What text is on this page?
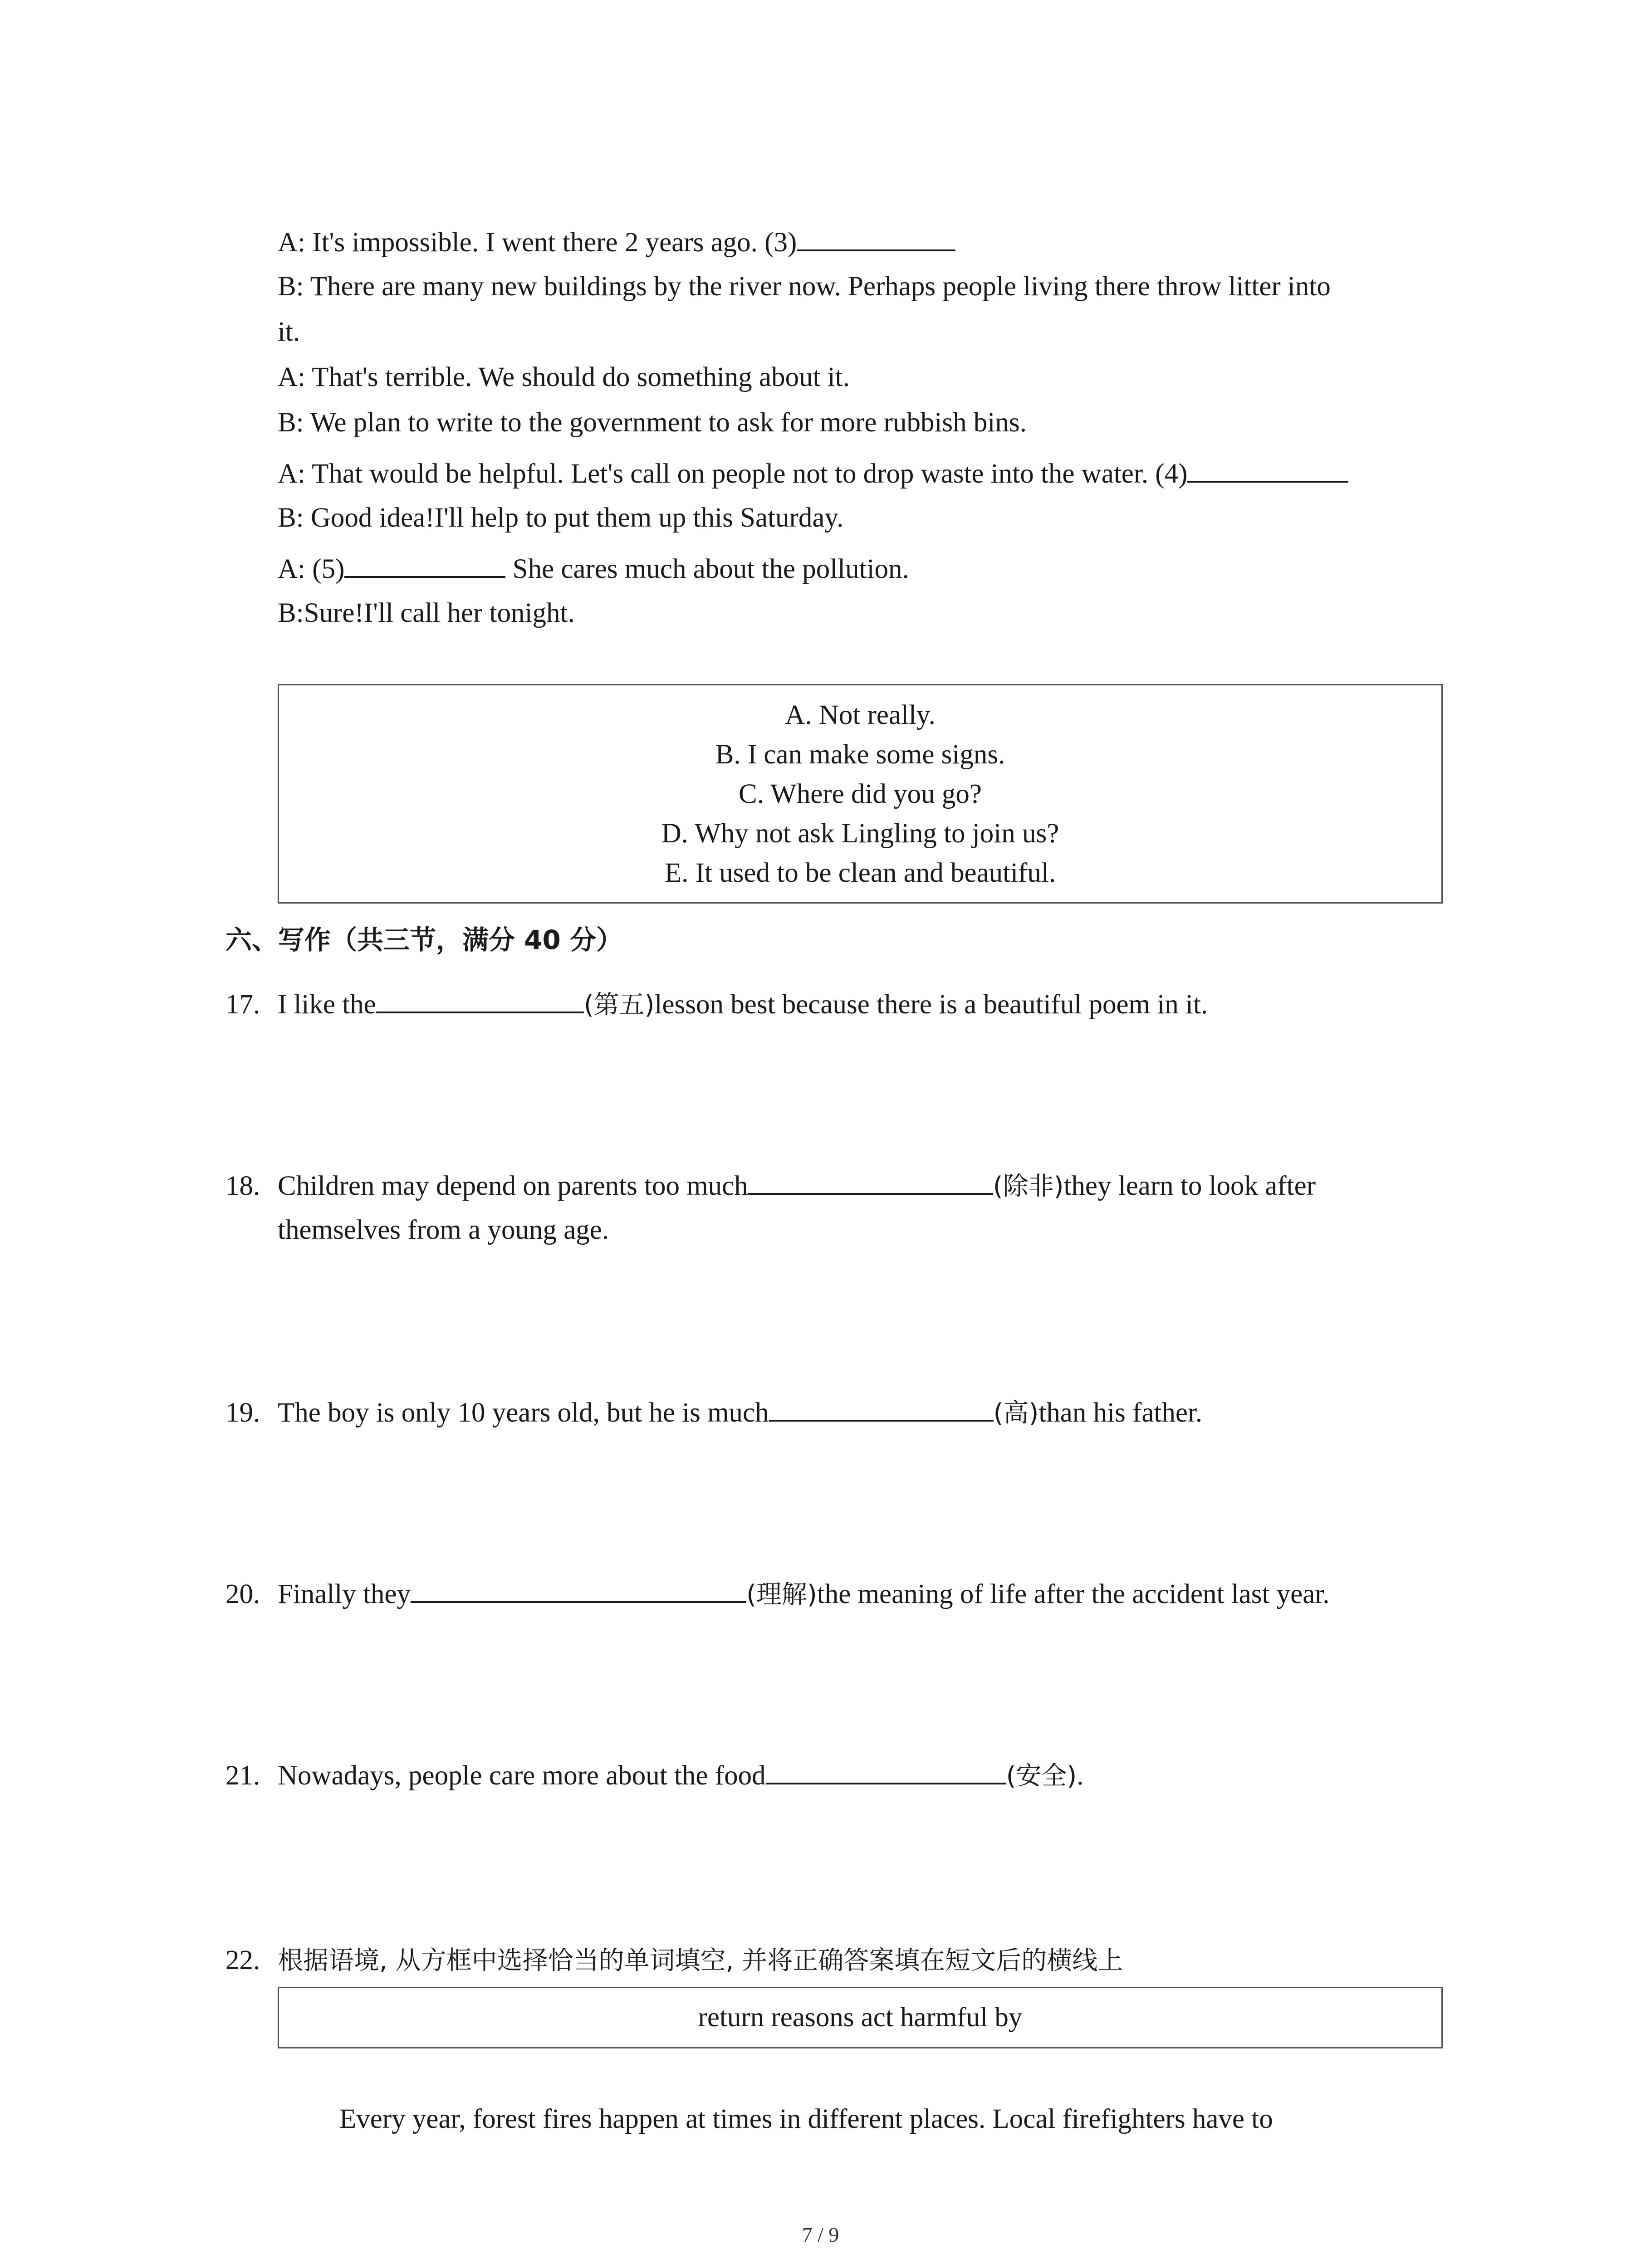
A: It's impossible. I went there 2 years ago. (3)
B: There are many new buildings by the river now. Perhaps people living there throw litter into
it.
A: That's terrible. We should do something about it.
B: We plan to write to the government to ask for more rubbish bins.
A: That would be helpful. Let's call on people not to drop waste into the water. (4)
B: Good idea!I'll help to put them up this Saturday.
A: (5)	She cares much about the pollution.
B:Sure!I'll call her tonight.
A. Not really.
B. I can make some signs.
C. Where did you go?
D. Why not ask Lingling to join us?
E. It used to be clean and beautiful.
六、写作（共三节，满分 40 分）
17. I like the	(第五)lesson best because there is a beautiful poem in it.
18. Children may depend on parents too much	(除非)they learn to look after
themselves from a young age.
19. The boy is only 10 years old, but he is much	(高)than his father.
20. Finally they	(理解)the meaning of life after the accident last year.
21. Nowadays, people care more about the food	(安全).
22. 根据语境, 从方框中选择恰当的单词填空, 并将正确答案填在短文后的横线上
return reasons act harmful by
Every year, forest fires happen at times in different places. Local firefighters have to
7 / 9
